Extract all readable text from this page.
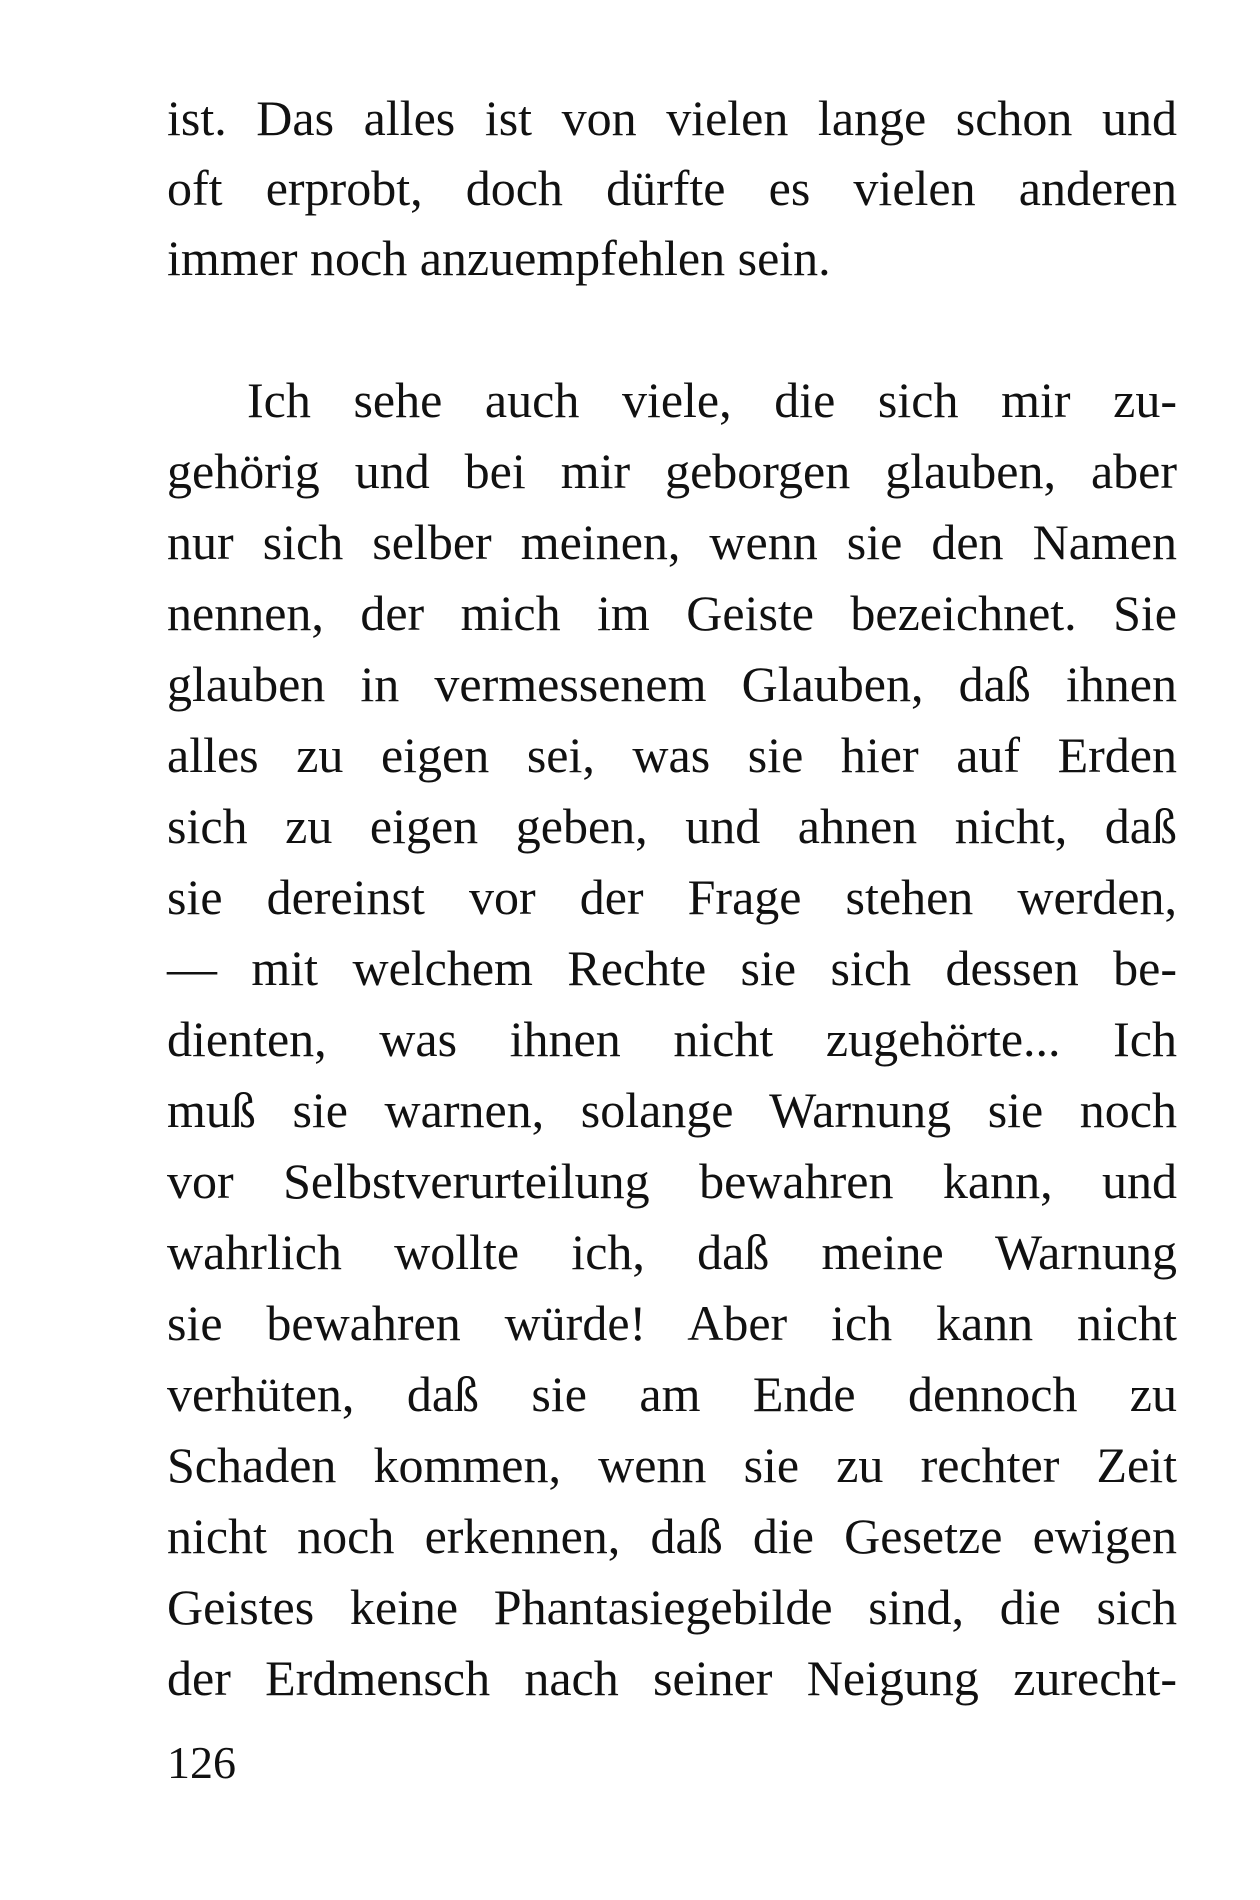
ist. Das alles ist von vielen lange schon und
oft erprobt, doch dürfte es vielen anderen
immer noch anzuempfehlen sein.
Ich sehe auch viele, die sich mir zu-
gehörig und bei mir geborgen glauben, aber
nur sich selber meinen, wenn sie den Namen
nennen, der mich im Geiste bezeichnet. Sie
glauben in vermessenem Glauben, daß ihnen
alles zu eigen sei, was sie hier auf Erden
sich zu eigen geben, und ahnen nicht, daß
sie dereinst vor der Frage stehen werden,
— mit welchem Rechte sie sich dessen be-
dienten, was ihnen nicht zugehörte... Ich
muß sie warnen, solange Warnung sie noch
vor Selbstverurteilung bewahren kann, und
wahrlich wollte ich, daß meine Warnung
sie bewahren würde! Aber ich kann nicht
verhüten, daß sie am Ende dennoch zu
Schaden kommen, wenn sie zu rechter Zeit
nicht noch erkennen, daß die Gesetze ewigen
Geistes keine Phantasiegebilde sind, die sich
der Erdmensch nach seiner Neigung zurecht-
126
